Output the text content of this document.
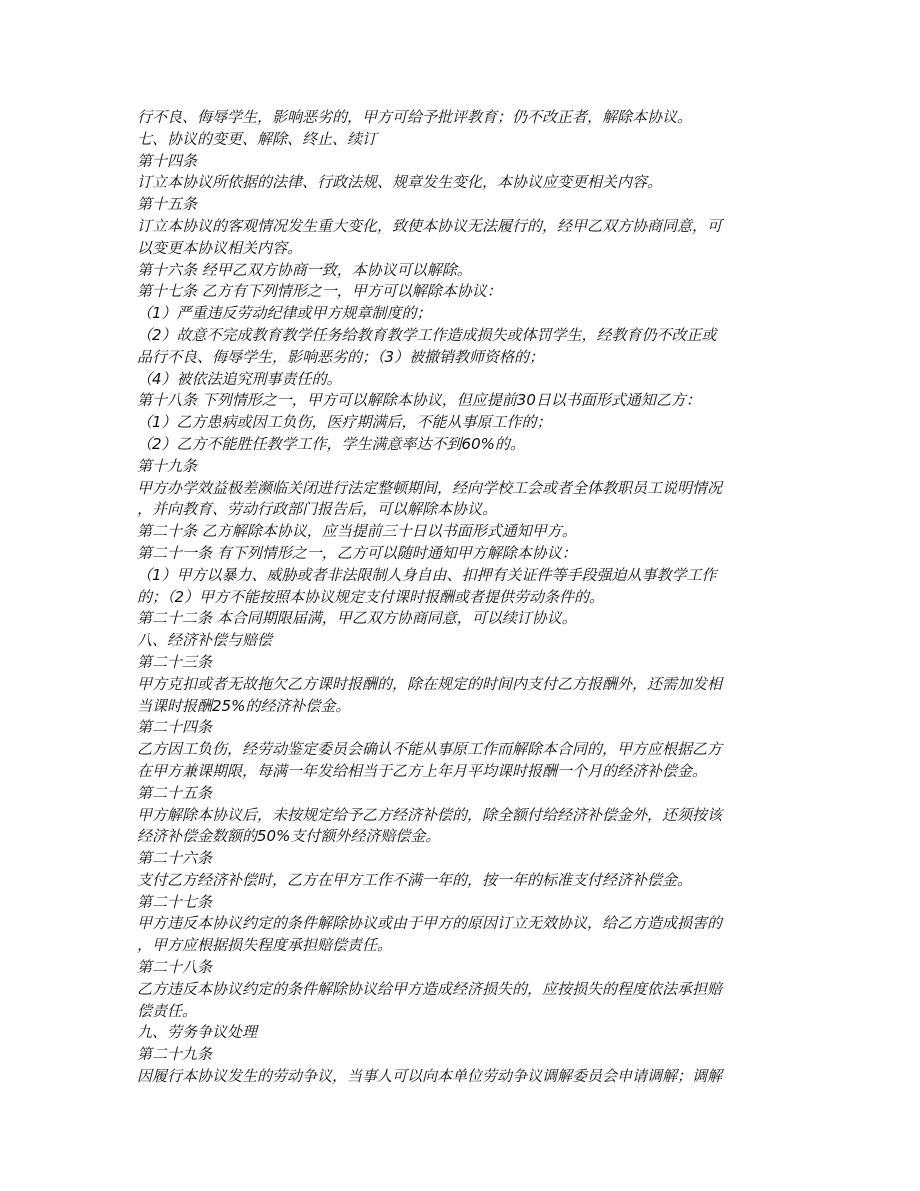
行不良、侮辱学生，影响恶劣的，甲方可给予批评教育；仍不改正者，解除本协议。
七、协议的变更、解除、终止、续订
第十四条
订立本协议所依据的法律、行政法规、规章发生变化，本协议应变更相关内容。
第十五条
订立本协议的客观情况发生重大变化，致使本协议无法履行的，经甲乙双方协商同意，可
以变更本协议相关内容。
第十六条 经甲乙双方协商一致，本协议可以解除。
第十七条 乙方有下列情形之一，甲方可以解除本协议：
（1）严重违反劳动纪律或甲方规章制度的；
（2）故意不完成教育教学任务给教育教学工作造成损失或体罚学生，经教育仍不改正或
品行不良、侮辱学生，影响恶劣的；（3）被撤销教师资格的；
（4）被依法追究刑事责任的。
第十八条 下列情形之一，甲方可以解除本协议，但应提前30日以书面形式通知乙方：
（1）乙方患病或因工负伤，医疗期满后，不能从事原工作的；
（2）乙方不能胜任教学工作，学生满意率达不到60%的。
第十九条
甲方办学效益极差濒临关闭进行法定整顿期间，经向学校工会或者全体教职员工说明情况
，并向教育、劳动行政部门报告后，可以解除本协议。
第二十条 乙方解除本协议，应当提前三十日以书面形式通知甲方。
第二十一条 有下列情形之一，乙方可以随时通知甲方解除本协议：
（1）甲方以暴力、威胁或者非法限制人身自由、扣押有关证件等手段强迫从事教学工作
的；（2）甲方不能按照本协议规定支付课时报酬或者提供劳动条件的。
第二十二条 本合同期限届满，甲乙双方协商同意，可以续订协议。
八、经济补偿与赔偿
第二十三条
甲方克扣或者无故拖欠乙方课时报酬的，除在规定的时间内支付乙方报酬外，还需加发相
当课时报酬25%的经济补偿金。
第二十四条
乙方因工负伤，经劳动鉴定委员会确认不能从事原工作而解除本合同的，甲方应根据乙方
在甲方兼课期限，每满一年发给相当于乙方上年月平均课时报酬一个月的经济补偿金。
第二十五条
甲方解除本协议后，未按规定给予乙方经济补偿的，除全额付给经济补偿金外，还须按该
经济补偿金数额的50%支付额外经济赔偿金。
第二十六条
支付乙方经济补偿时，乙方在甲方工作不满一年的，按一年的标准支付经济补偿金。
第二十七条
甲方违反本协议约定的条件解除协议或由于甲方的原因订立无效协议，给乙方造成损害的
，甲方应根据损失程度承担赔偿责任。
第二十八条
乙方违反本协议约定的条件解除协议给甲方造成经济损失的，应按损失的程度依法承担赔
偿责任。
九、劳务争议处理
第二十九条
因履行本协议发生的劳动争议，当事人可以向本单位劳动争议调解委员会申请调解；调解
